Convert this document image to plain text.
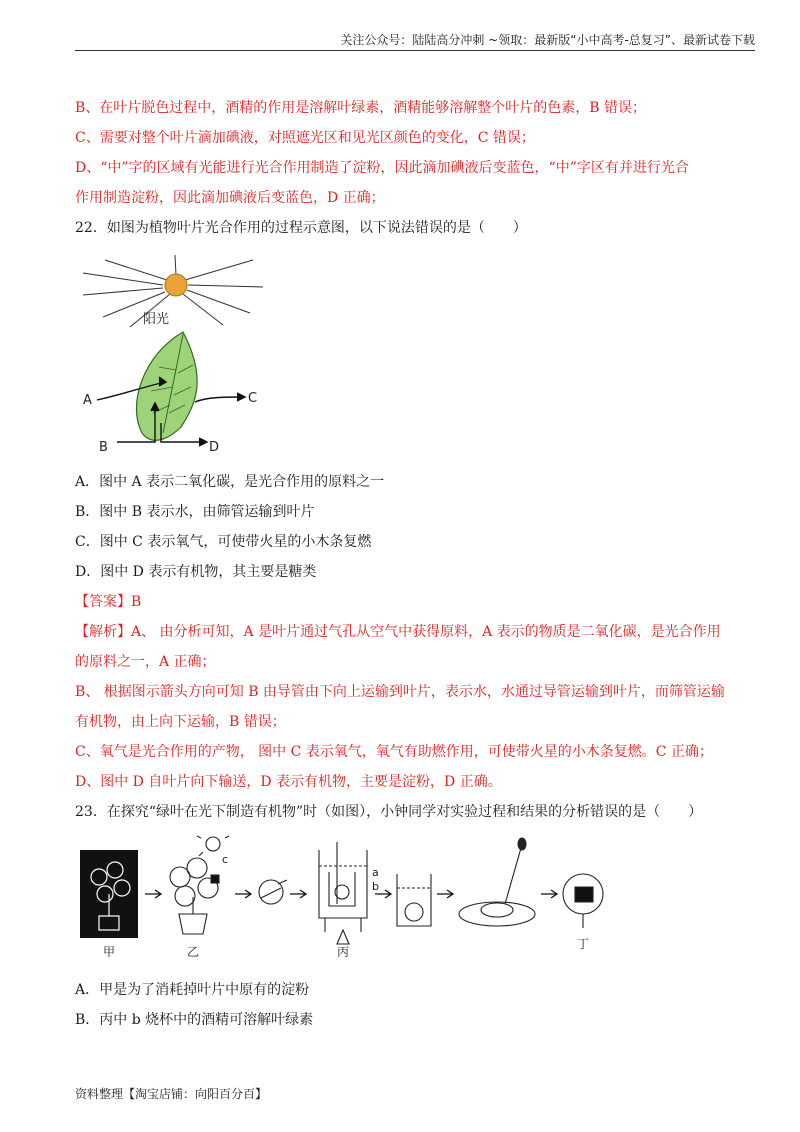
关注公众号：陆陆高分冲刺 ~领取：最新版“小中高考-总复习”、最新试卷下载
B、在叶片脱色过程中，酒精的作用是溶解叶绿素，酒精能够溶解整个叶片的色素，B 错误；
C、需要对整个叶片滴加碘液，对照遮光区和见光区颜色的变化，C 错误；
D、“中”字的区域有光能进行光合作用制造了淀粉，因此滴加碘液后变蓝色，“中”字区有并进行光合
作用制造淀粉，因此滴加碘液后变蓝色，D 正确；
22．如图为植物叶片光合作用的过程示意图，以下说法错误的是（　　）
阳光
A	C
B	D
A．图中 A 表示二氧化碳，是光合作用的原料之一
B．图中 B 表示水，由筛管运输到叶片
C．图中 C 表示氧气，可使带火星的小木条复燃
D．图中 D 表示有机物，其主要是糖类
【答案】B
【解析】A、 由分析可知，A 是叶片通过气孔从空气中获得原料，A 表示的物质是二氧化碳，是光合作用
的原料之一，A 正确；
B、 根据图示箭头方向可知 B 由导管由下向上运输到叶片，表示水，水通过导管运输到叶片，而筛管运输
有机物，由上向下运输，B 错误；
C、氧气是光合作用的产物， 图中 C 表示氧气，氧气有助燃作用，可使带火星的小木条复燃。C 正确；
D、图中 D 自叶片向下输送，D 表示有机物，主要是淀粉，D 正确。
23．在探究“绿叶在光下制造有机物”时（如图），小钟同学对实验过程和结果的分析错误的是（　　）
甲
c
乙
a
b
丙
丁
A．甲是为了消耗掉叶片中原有的淀粉
B．丙中 b 烧杯中的酒精可溶解叶绿素
资料整理【淘宝店铺：向阳百分百】
